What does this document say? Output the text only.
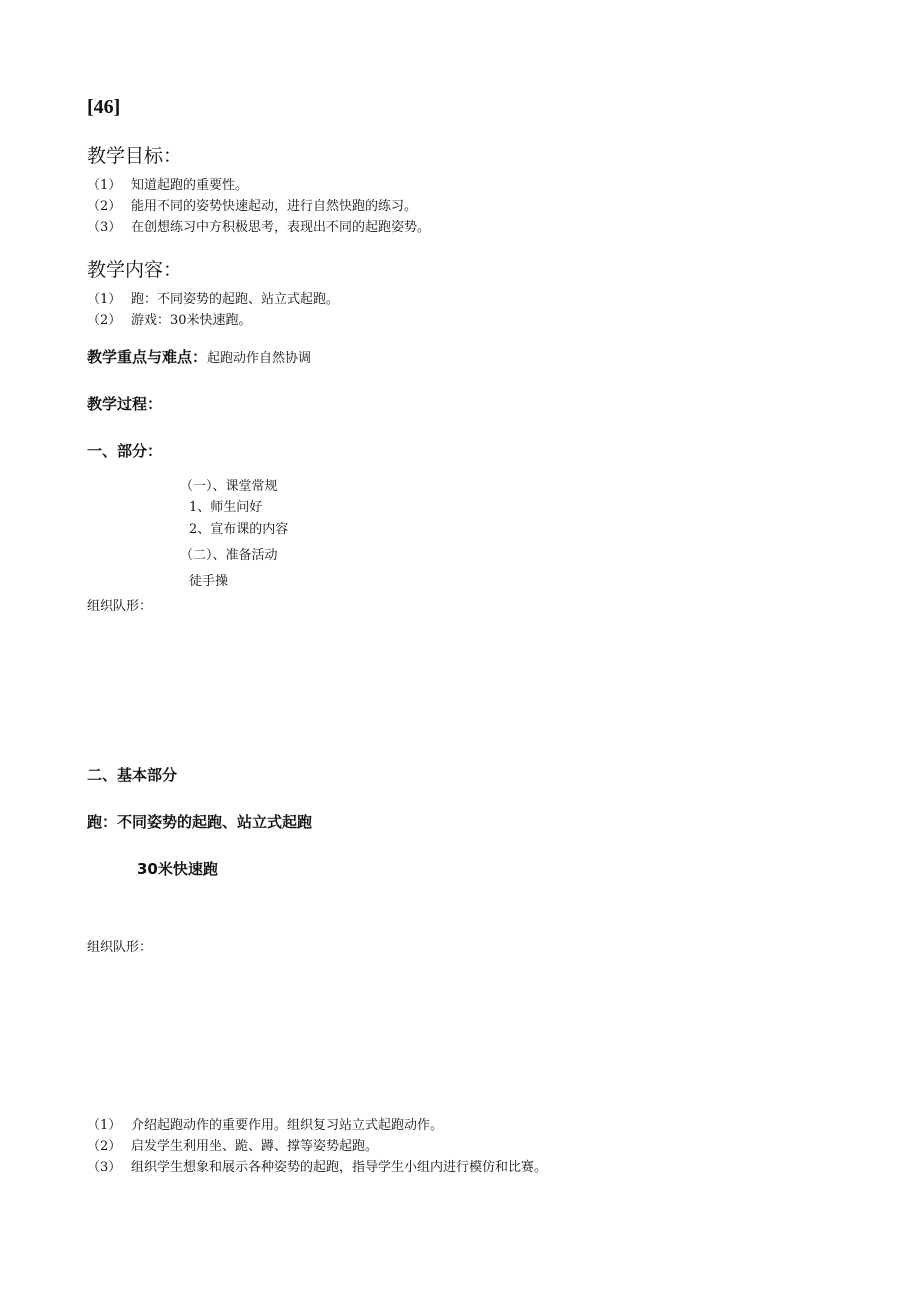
[46]
教学目标：
（1） 知道起跑的重要性。
（2） 能用不同的姿势快速起动，进行自然快跑的练习。
（3） 在创想练习中方积极思考，表现出不同的起跑姿势。
教学内容：
（1） 跑：不同姿势的起跑、站立式起跑。
（2） 游戏：30米快速跑。
教学重点与难点：起跑动作自然协调
教学过程：
一、部分：
（一）、课堂常规
1、师生问好
2、宣布课的内容
（二）、准备活动
徒手操
组织队形：
二、基本部分
跑：不同姿势的起跑、站立式起跑
30米快速跑
组织队形：
（1） 介绍起跑动作的重要作用。组织复习站立式起跑动作。
（2） 启发学生利用坐、跪、蹲、撑等姿势起跑。
（3） 组织学生想象和展示各种姿势的起跑，指导学生小组内进行模仿和比赛。
